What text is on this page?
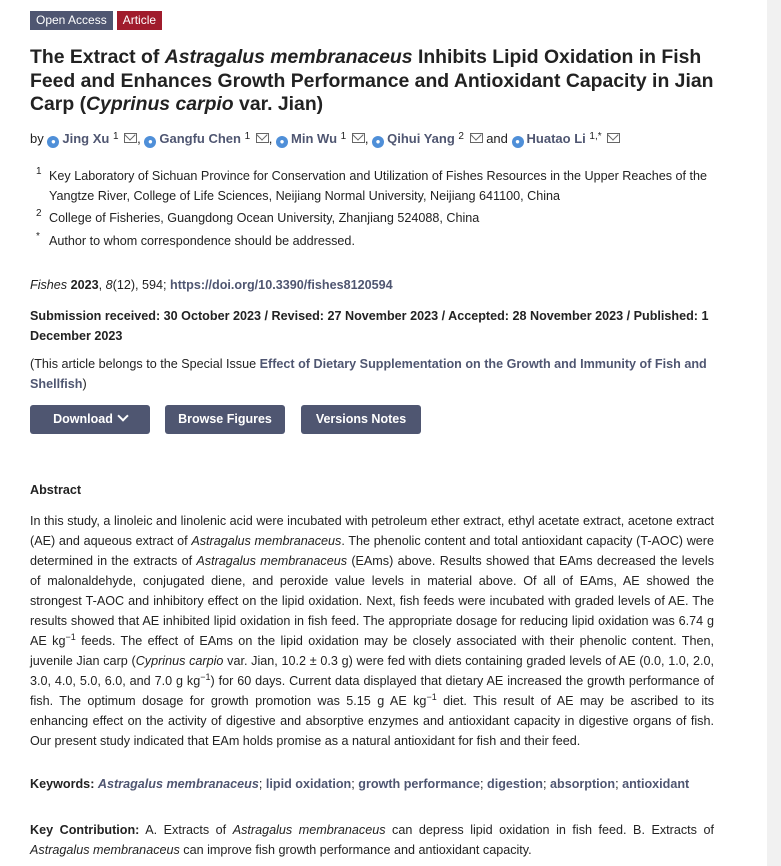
Open Access	Article
The Extract of Astragalus membranaceus Inhibits Lipid Oxidation in Fish Feed and Enhances Growth Performance and Antioxidant Capacity in Jian Carp (Cyprinus carpio var. Jian)
by ● Jing Xu $^1$ , ● Gangfu Chen $^1$ , ● Min Wu $^1$ , ● Qihui Yang $^2$ and ● Huatao Li $^{1,*}$
1 Key Laboratory of Sichuan Province for Conservation and Utilization of Fishes Resources in the Upper Reaches of the Yangtze River, College of Life Sciences, Neijiang Normal University, Neijiang 641100, China
2 College of Fisheries, Guangdong Ocean University, Zhanjiang 524088, China
* Author to whom correspondence should be addressed.
Fishes 2023, 8(12), 594; https://doi.org/10.3390/fishes8120594
Submission received: 30 October 2023 / Revised: 27 November 2023 / Accepted: 28 November 2023 / Published: 1 December 2023
(This article belongs to the Special Issue Effect of Dietary Supplementation on the Growth and Immunity of Fish and Shellfish)
Download	Browse Figures	Versions Notes
Abstract
In this study, a linoleic and linolenic acid were incubated with petroleum ether extract, ethyl acetate extract, acetone extract (AE) and aqueous extract of Astragalus membranaceus. The phenolic content and total antioxidant capacity (T-AOC) were determined in the extracts of Astragalus membranaceus (EAms) above. Results showed that EAms decreased the levels of malonaldehyde, conjugated diene, and peroxide value levels in material above. Of all of EAms, AE showed the strongest T-AOC and inhibitory effect on the lipid oxidation. Next, fish feeds were incubated with graded levels of AE. The results showed that AE inhibited lipid oxidation in fish feed. The appropriate dosage for reducing lipid oxidation was 6.74 g AE $kg^{-1}$ feeds. The effect of EAms on the lipid oxidation may be closely associated with their phenolic content. Then, juvenile Jian carp (Cyprinus carpio var. Jian, 10.2 ± 0.3 g) were fed with diets containing graded levels of AE (0.0, 1.0, 2.0, 3.0, 4.0, 5.0, 6.0, and 7.0 g $kg^{-1}$) for 60 days. Current data displayed that dietary AE increased the growth performance of fish. The optimum dosage for growth promotion was 5.15 g AE $kg^{-1}$ diet. This result of AE may be ascribed to its enhancing effect on the activity of digestive and absorptive enzymes and antioxidant capacity in digestive organs of fish. Our present study indicated that EAm holds promise as a natural antioxidant for fish and their feed.
Keywords: Astragalus membranaceus; lipid oxidation; growth performance; digestion; absorption; antioxidant
Key Contribution: A. Extracts of Astragalus membranaceus can depress lipid oxidation in fish feed. B. Extracts of Astragalus membranaceus can improve fish growth performance and antioxidant capacity.
